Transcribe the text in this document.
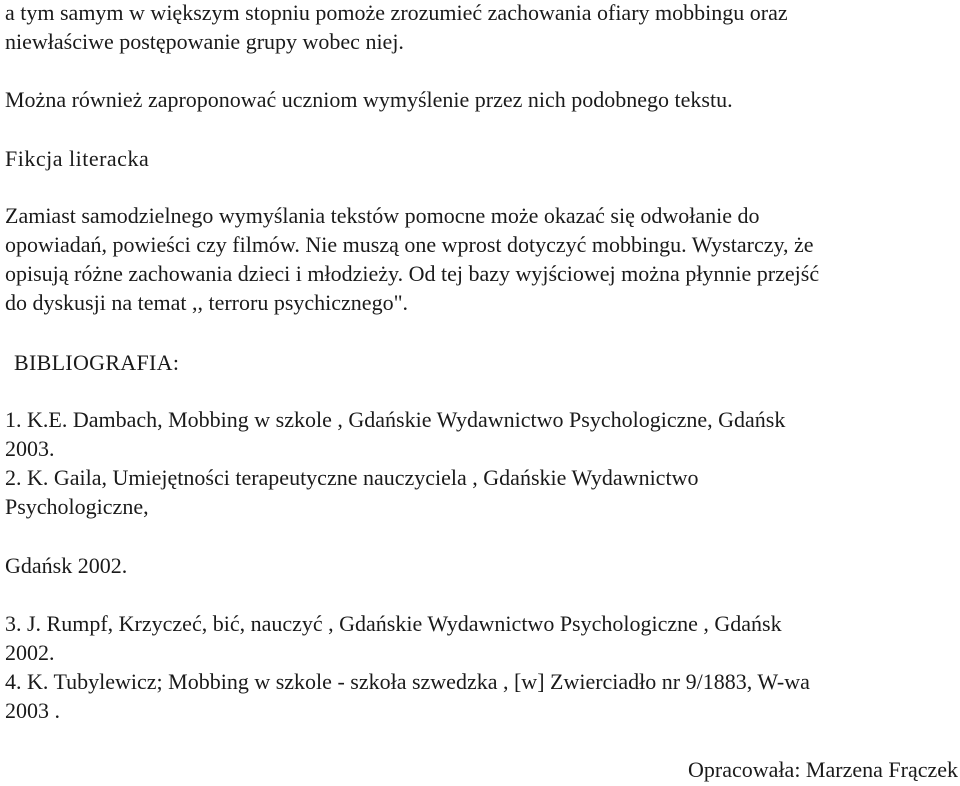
a tym samym w większym stopniu pomoże zrozumieć zachowania ofiary mobbingu oraz

niewłaściwe postępowanie grupy wobec niej.

Można również zaproponować uczniom wymyślenie przez nich podobnego tekstu.

Fikcja literacka

Zamiast samodzielnego wymyślania tekstów pomocne może okazać się odwołanie do

opowiadań, powieści czy filmów. Nie muszą one wprost dotyczyć mobbingu. Wystarczy, że

opisują różne zachowania dzieci i młodzieży. Od tej bazy wyjściowej można płynnie przejść

do dyskusji na temat ,, terroru psychicznego".

BIBLIOGRAFIA:

1. K.E. Dambach, Mobbing w szkole , Gdańskie Wydawnictwo Psychologiczne, Gdańsk

2003.

2. K. Gaila, Umiejętności terapeutyczne nauczyciela , Gdańskie Wydawnictwo

Psychologiczne,

Gdańsk 2002.

3. J. Rumpf, Krzyczeć, bić, nauczyć , Gdańskie Wydawnictwo Psychologiczne , Gdańsk

2002.

4. K. Tubylewicz; Mobbing w szkole - szkoła szwedzka , [w] Zwierciadło nr 9/1883, W-wa

2003 .

Opracowała: Marzena Frączek
